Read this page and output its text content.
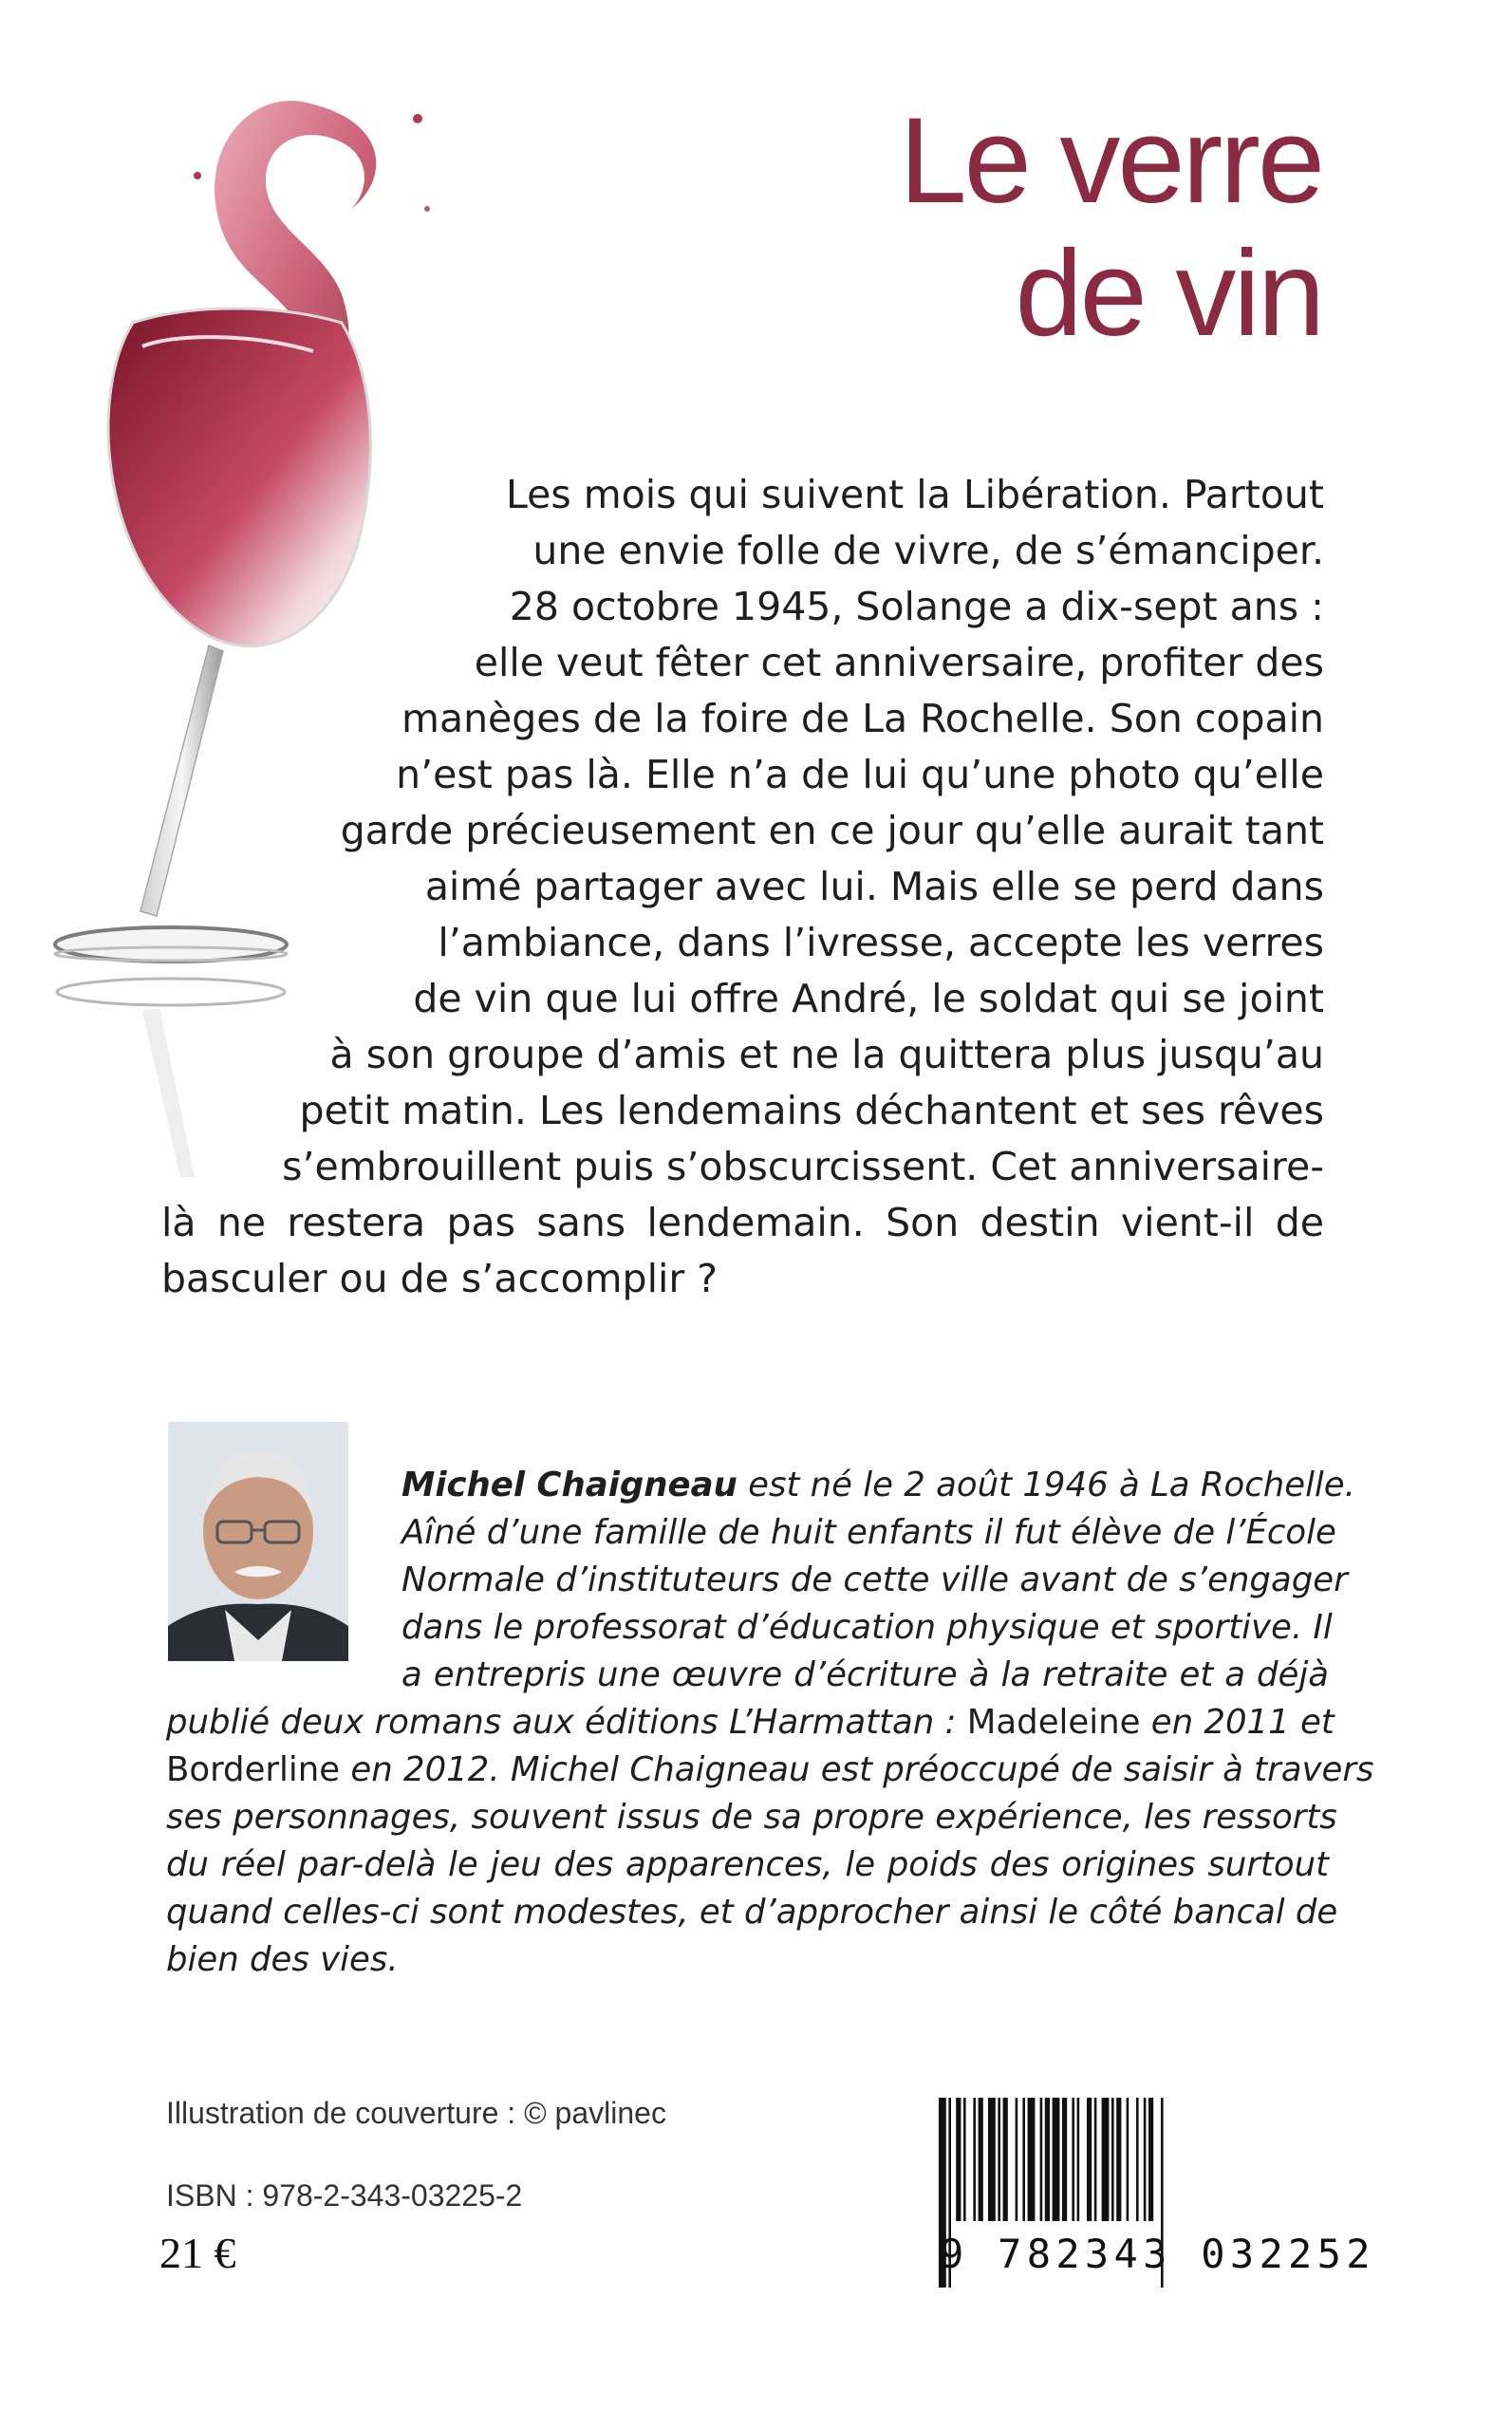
Le verre
de vin
Les mois qui suivent la Libération. Partout
une envie folle de vivre, de s’émanciper.
28 octobre 1945, Solange a dix-sept ans :
elle veut fêter cet anniversaire, profiter des
manèges de la foire de La Rochelle. Son copain
n’est pas là. Elle n’a de lui qu’une photo qu’elle
garde précieusement en ce jour qu’elle aurait tant
aimé partager avec lui. Mais elle se perd dans
l’ambiance, dans l’ivresse, accepte les verres
de vin que lui offre André, le soldat qui se joint
à son groupe d’amis et ne la quittera plus jusqu’au
petit matin. Les lendemains déchantent et ses rêves
s’embrouillent puis s’obscurcissent. Cet anniversaire-
là ne restera pas sans lendemain. Son destin vient-il de
basculer ou de s’accomplir ?
Michel Chaigneau est né le 2 août 1946 à La Rochelle.
Aîné d’une famille de huit enfants il fut élève de l’École
Normale d’instituteurs de cette ville avant de s’engager
dans le professorat d’éducation physique et sportive. Il
a entrepris une œuvre d’écriture à la retraite et a déjà
publié deux romans aux éditions L’Harmattan : Madeleine en 2011 et
Borderline en 2012. Michel Chaigneau est préoccupé de saisir à travers
ses personnages, souvent issus de sa propre expérience, les ressorts
du réel par-delà le jeu des apparences, le poids des origines surtout
quand celles-ci sont modestes, et d’approcher ainsi le côté bancal de
bien des vies.
Illustration de couverture : © pavlinec
ISBN : 978-2-343-03225-2
21 €	9 782343 032252
